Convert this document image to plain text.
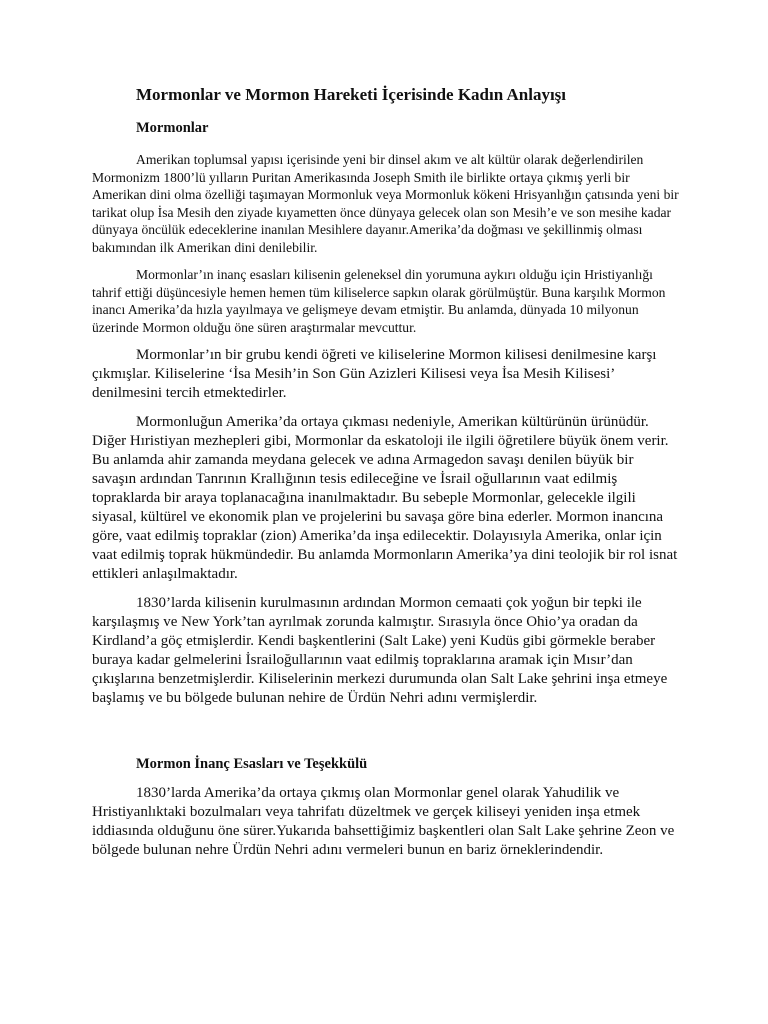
Mormonlar ve Mormon Hareketi İçerisinde Kadın Anlayışı
Mormonlar

Amerikan toplumsal yapısı içerisinde yeni bir dinsel akım ve alt kültür olarak değerlendirilen Mormonizm 1800’lü yılların Puritan Amerikasında Joseph Smith ile birlikte ortaya çıkmış yerli bir Amerikan dini olma özelliği taşımayan Mormonluk veya Mormonluk kökeni Hrisyanlığın çatısında yeni bir tarikat olup İsa Mesih den ziyade kıyametten önce dünyaya gelecek olan son Mesih’e ve son mesihe kadar dünyaya öncülük edeceklerine inanılan Mesihlere dayanır.Amerika’da doğması ve şekillinmiş olması bakımından ilk Amerikan dini denilebilir.

Mormonlar’ın inanç esasları kilisenin geleneksel din yorumuna aykırı olduğu için Hristiyanlığı tahrif ettiği düşüncesiyle hemen hemen tüm kiliselerce sapkın olarak görülmüştür. Buna karşılık Mormon inancı Amerika’da hızla yayılmaya ve gelişmeye devam etmiştir. Bu anlamda, dünyada 10 milyonun üzerinde Mormon olduğu öne süren araştırmalar mevcuttur.

Mormonlar’ın bir grubu kendi öğreti ve kiliselerine Mormon kilisesi denilmesine karşı çıkmışlar. Kiliselerine ‘İsa Mesih’in Son Gün Azizleri Kilisesi veya İsa Mesih Kilisesi’ denilmesini tercih etmektedirler.

Mormonluğun Amerika’da ortaya çıkması nedeniyle, Amerikan kültürünün ürünüdür. Diğer Hıristiyan mezhepleri gibi, Mormonlar da eskatoloji ile ilgili öğretilere büyük önem verir. Bu anlamda ahir zamanda meydana gelecek ve adına Armagedon savaşı denilen büyük bir savaşın ardından Tanrının Krallığının tesis edileceğine ve İsrail oğullarının vaat edilmiş topraklarda bir araya toplanacağına inanılmaktadır. Bu sebeple Mormonlar, gelecekle ilgili siyasal, kültürel ve ekonomik plan ve projelerini bu savaşa göre bina ederler. Mormon inancına göre, vaat edilmiş topraklar (zion) Amerika’da inşa edilecektir. Dolayısıyla Amerika, onlar için vaat edilmiş toprak hükmündedir. Bu anlamda Mormonların Amerika’ya dini teolojik bir rol isnat ettikleri anlaşılmaktadır.

1830’larda kilisenin kurulmasının ardından Mormon cemaati çok yoğun bir tepki ile karşılaşmış ve New York’tan ayrılmak zorunda kalmıştır. Sırasıyla önce Ohio’ya oradan da Kirdland’a göç etmişlerdir. Kendi başkentlerini (Salt Lake) yeni Kudüs gibi görmekle beraber buraya kadar gelmelerini İsrailoğullarının vaat edilmiş topraklarına aramak için Mısır’dan çıkışlarına benzetmişlerdir. Kiliselerinin merkezi durumunda olan Salt Lake şehrini inşa etmeye başlamış ve bu bölgede bulunan nehire de Ürdün Nehri adını vermişlerdir.

Mormon İnanç Esasları ve Teşekkülü

1830’larda Amerika’da ortaya çıkmış olan Mormonlar genel olarak Yahudilik ve Hristiyanlıktaki bozulmaları veya tahrifatı düzeltmek ve gerçek kiliseyi yeniden inşa etmek iddiasında olduğunu öne sürer.Yukarıda bahsettiğimiz başkentleri olan Salt Lake şehrine Zeon ve bölgede bulunan nehre Ürdün Nehri adını vermeleri bunun en bariz örneklerindendir.
